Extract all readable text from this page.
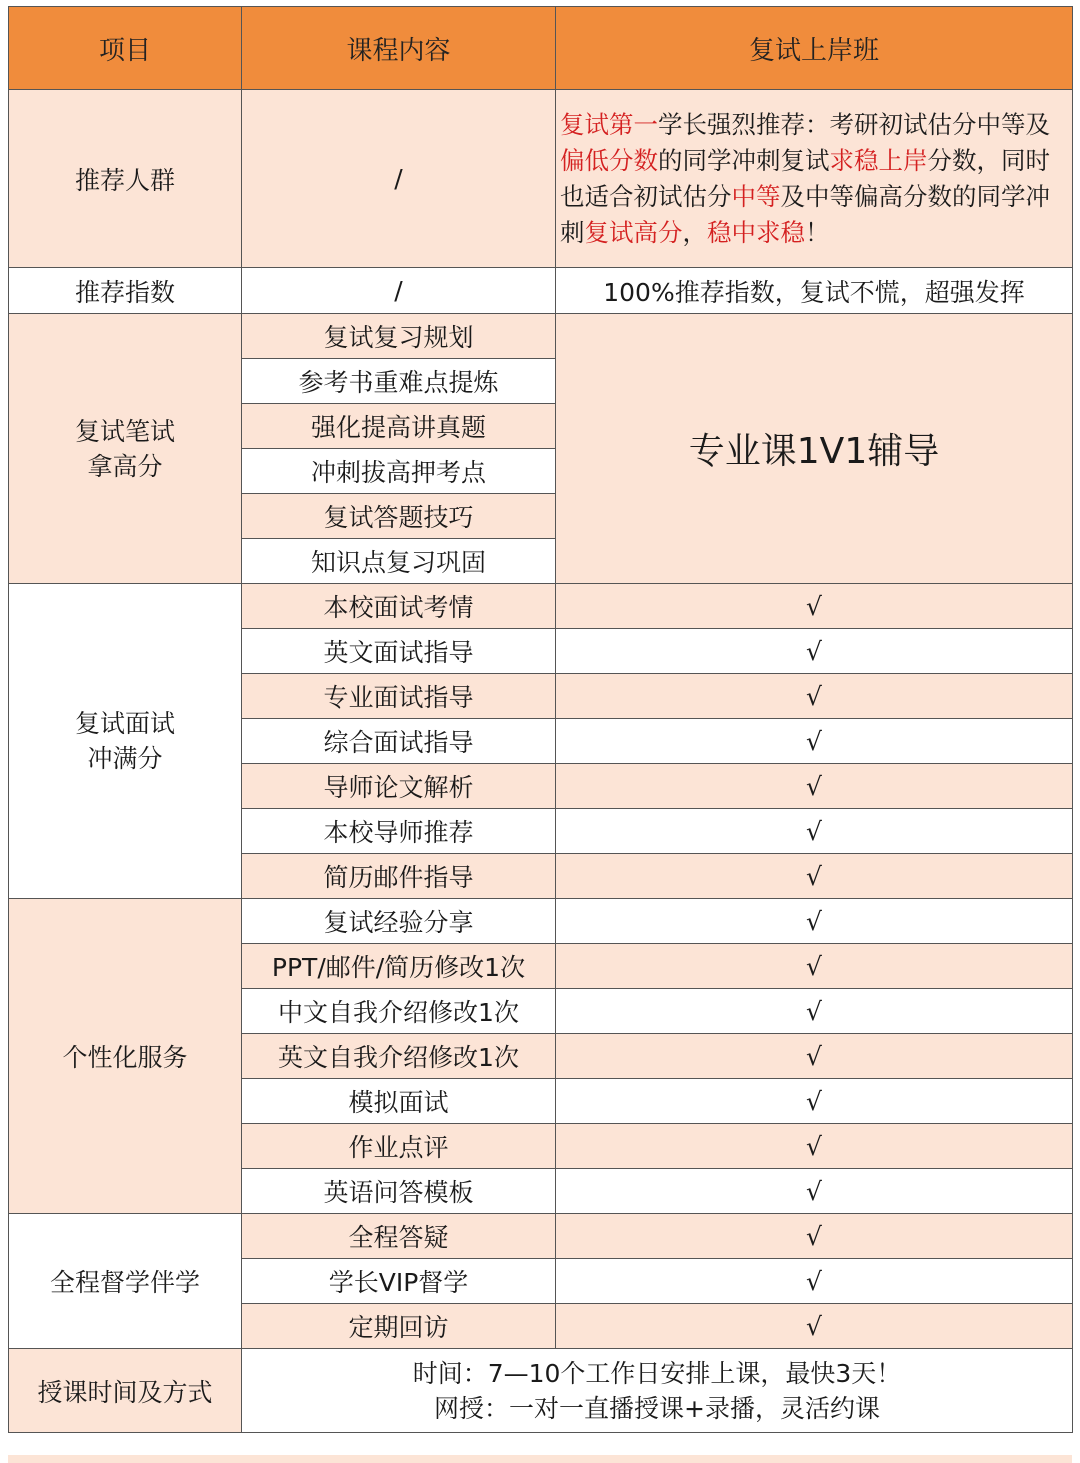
项目	课程内容	复试上岸班
推荐人群	/	复试第一学长强烈推荐：考研初试估分中等及偏低分数的同学冲刺复试求稳上岸分数，同时也适合初试估分中等及中等偏高分数的同学冲刺复试高分，稳中求稳！
推荐指数	/	100%推荐指数，复试不慌，超强发挥

复试笔试
拿高分	复试复习规划	专业课1V1辅导
	参考书重难点提炼	
	强化提高讲真题	
	冲刺拔高押考点	
	复试答题技巧	
	知识点复习巩固	

复试面试
冲满分	本校面试考情	√
	英文面试指导	√
	专业面试指导	√
	综合面试指导	√
	导师论文解析	√
	本校导师推荐	√
	简历邮件指导	√
个性化服务	复试经验分享	√
	PPT/邮件/简历修改1次	√
	中文自我介绍修改1次	√
	英文自我介绍修改1次	√
	模拟面试	√
	作业点评	√
	英语问答模板	√
全程督学伴学	全程答疑	√
	学长VIP督学	√
	定期回访	√
授课时间及方式	时间：7—10个工作日安排上课，最快3天！
网授：一对一直播授课+录播，灵活约课	
